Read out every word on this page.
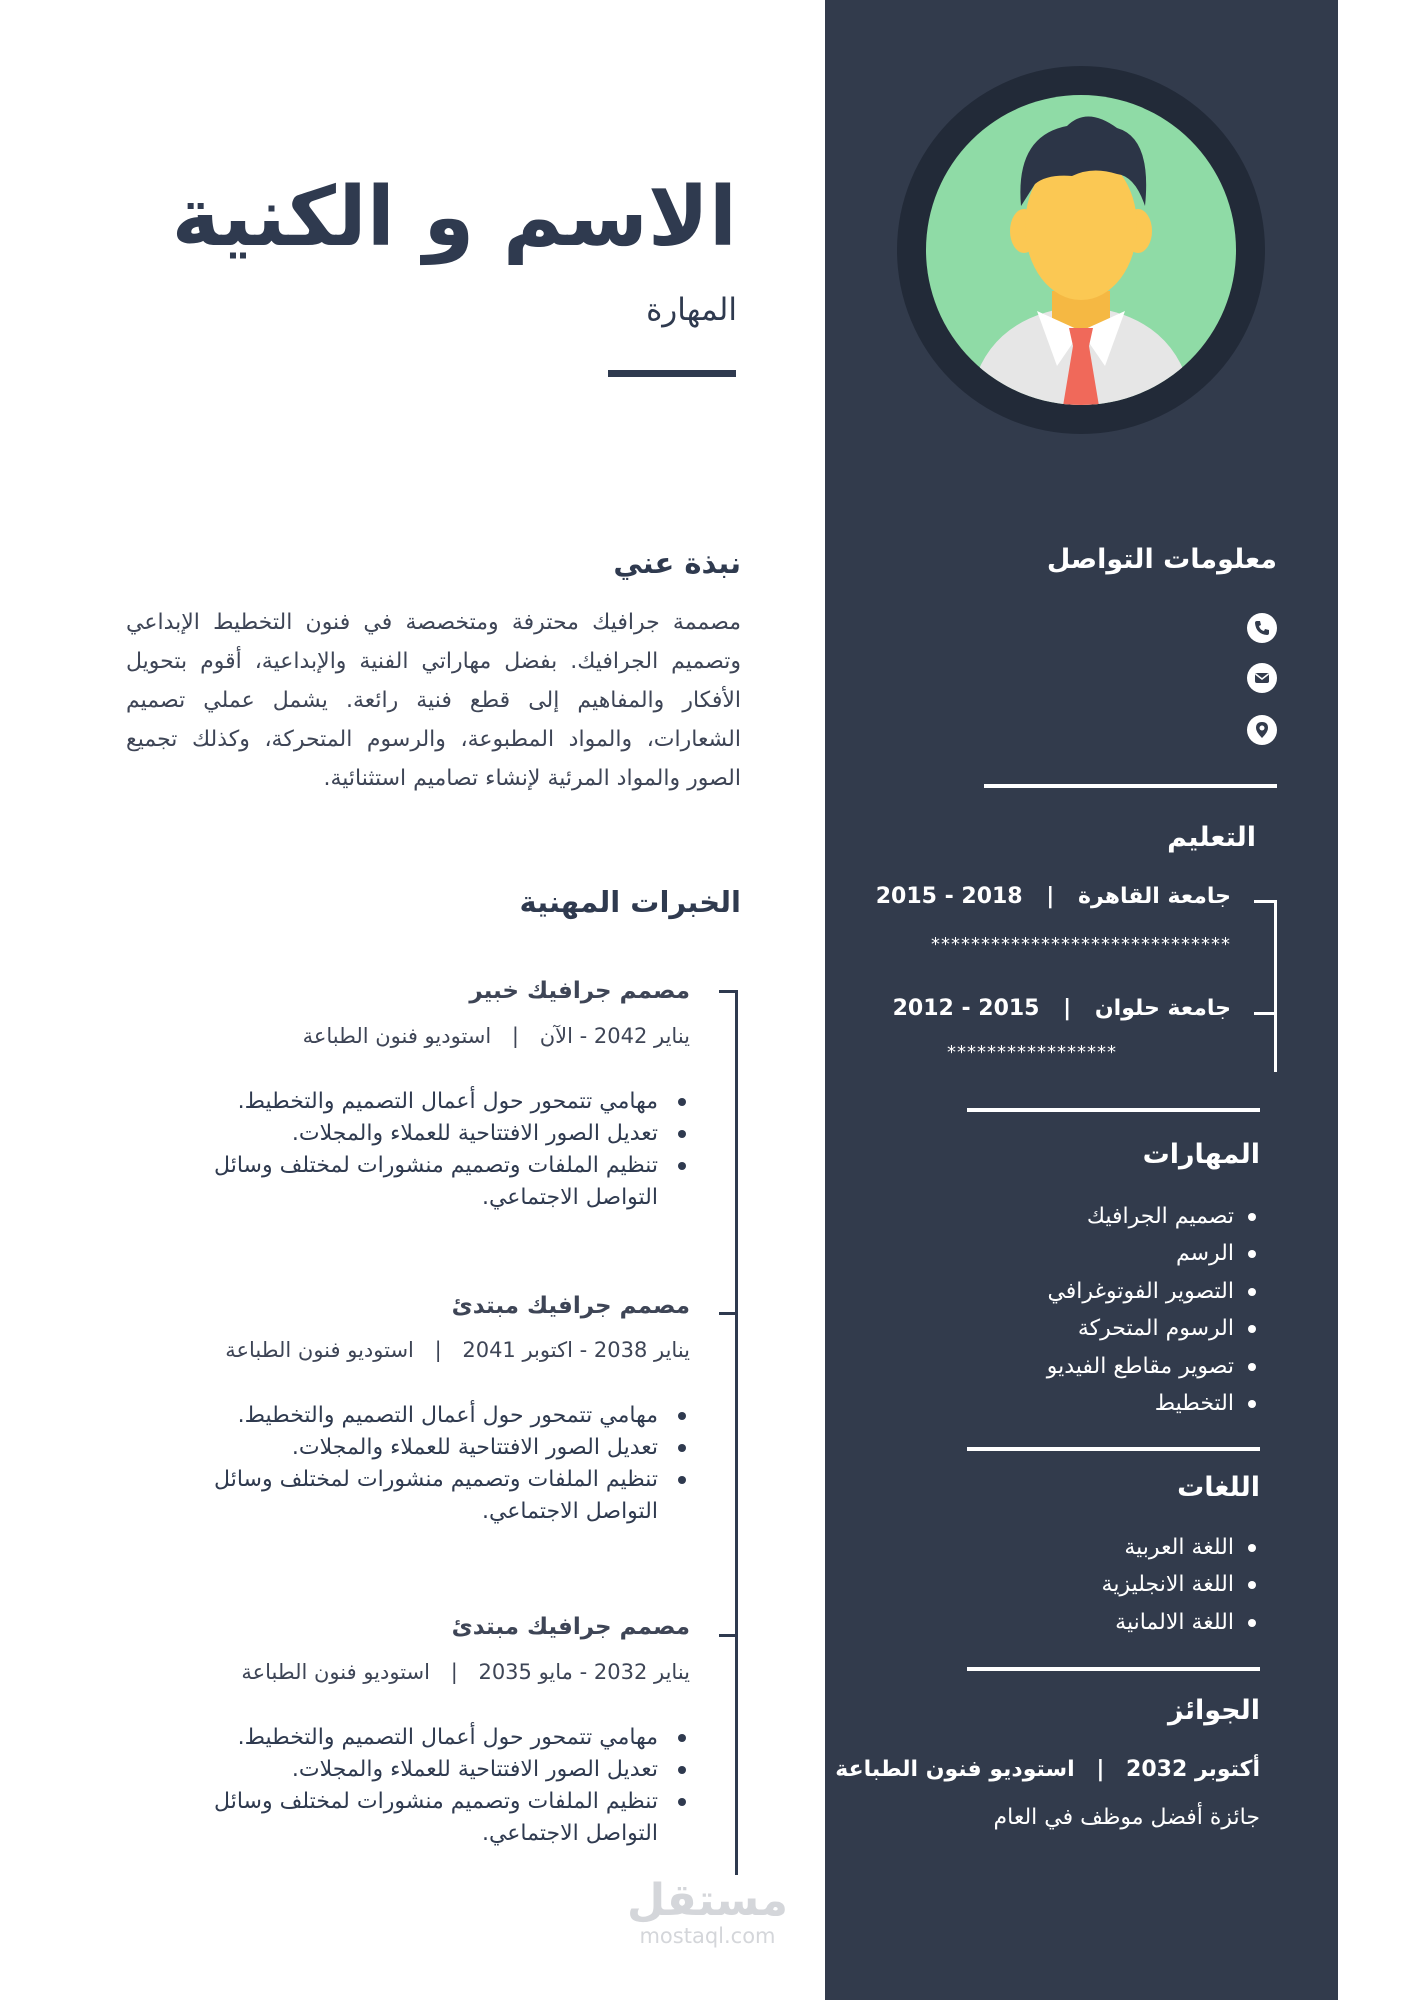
الاسم و الكنية
المهارة
نبذة عني
مصممة جرافيك محترفة ومتخصصة في فنون التخطيط الإبداعي وتصميم الجرافيك. بفضل مهاراتي الفنية والإبداعية، أقوم بتحويل الأفكار والمفاهيم إلى قطع فنية رائعة. يشمل عملي تصميم الشعارات، والمواد المطبوعة، والرسوم المتحركة، وكذلك تجميع الصور والمواد المرئية لإنشاء تصاميم استثنائية.
الخبرات المهنية
مصمم جرافيك خبير
يناير 2042 - الآن | استوديو فنون الطباعة
مهامي تتمحور حول أعمال التصميم والتخطيط.
تعديل الصور الافتتاحية للعملاء والمجلات.
تنظيم الملفات وتصميم منشورات لمختلف وسائل التواصل الاجتماعي.
مصمم جرافيك مبتدئ
يناير 2038 - اكتوبر 2041 | استوديو فنون الطباعة
مهامي تتمحور حول أعمال التصميم والتخطيط.
تعديل الصور الافتتاحية للعملاء والمجلات.
تنظيم الملفات وتصميم منشورات لمختلف وسائل التواصل الاجتماعي.
مصمم جرافيك مبتدئ
يناير 2032 - مايو 2035 | استوديو فنون الطباعة
مهامي تتمحور حول أعمال التصميم والتخطيط.
تعديل الصور الافتتاحية للعملاء والمجلات.
تنظيم الملفات وتصميم منشورات لمختلف وسائل التواصل الاجتماعي.
مستقل
mostaql.com
معلومات التواصل
التعليم
جامعة القاهرة | 2015 - 2018
******************************
جامعة حلوان | 2012 - 2015
*****************
المهارات
تصميم الجرافيك
الرسم
التصوير الفوتوغرافي
الرسوم المتحركة
تصوير مقاطع الفيديو
التخطيط
اللغات
اللغة العربية
اللغة الانجليزية
اللغة الالمانية
الجوائز
أكتوبر 2032 | استوديو فنون الطباعة
جائزة أفضل موظف في العام
